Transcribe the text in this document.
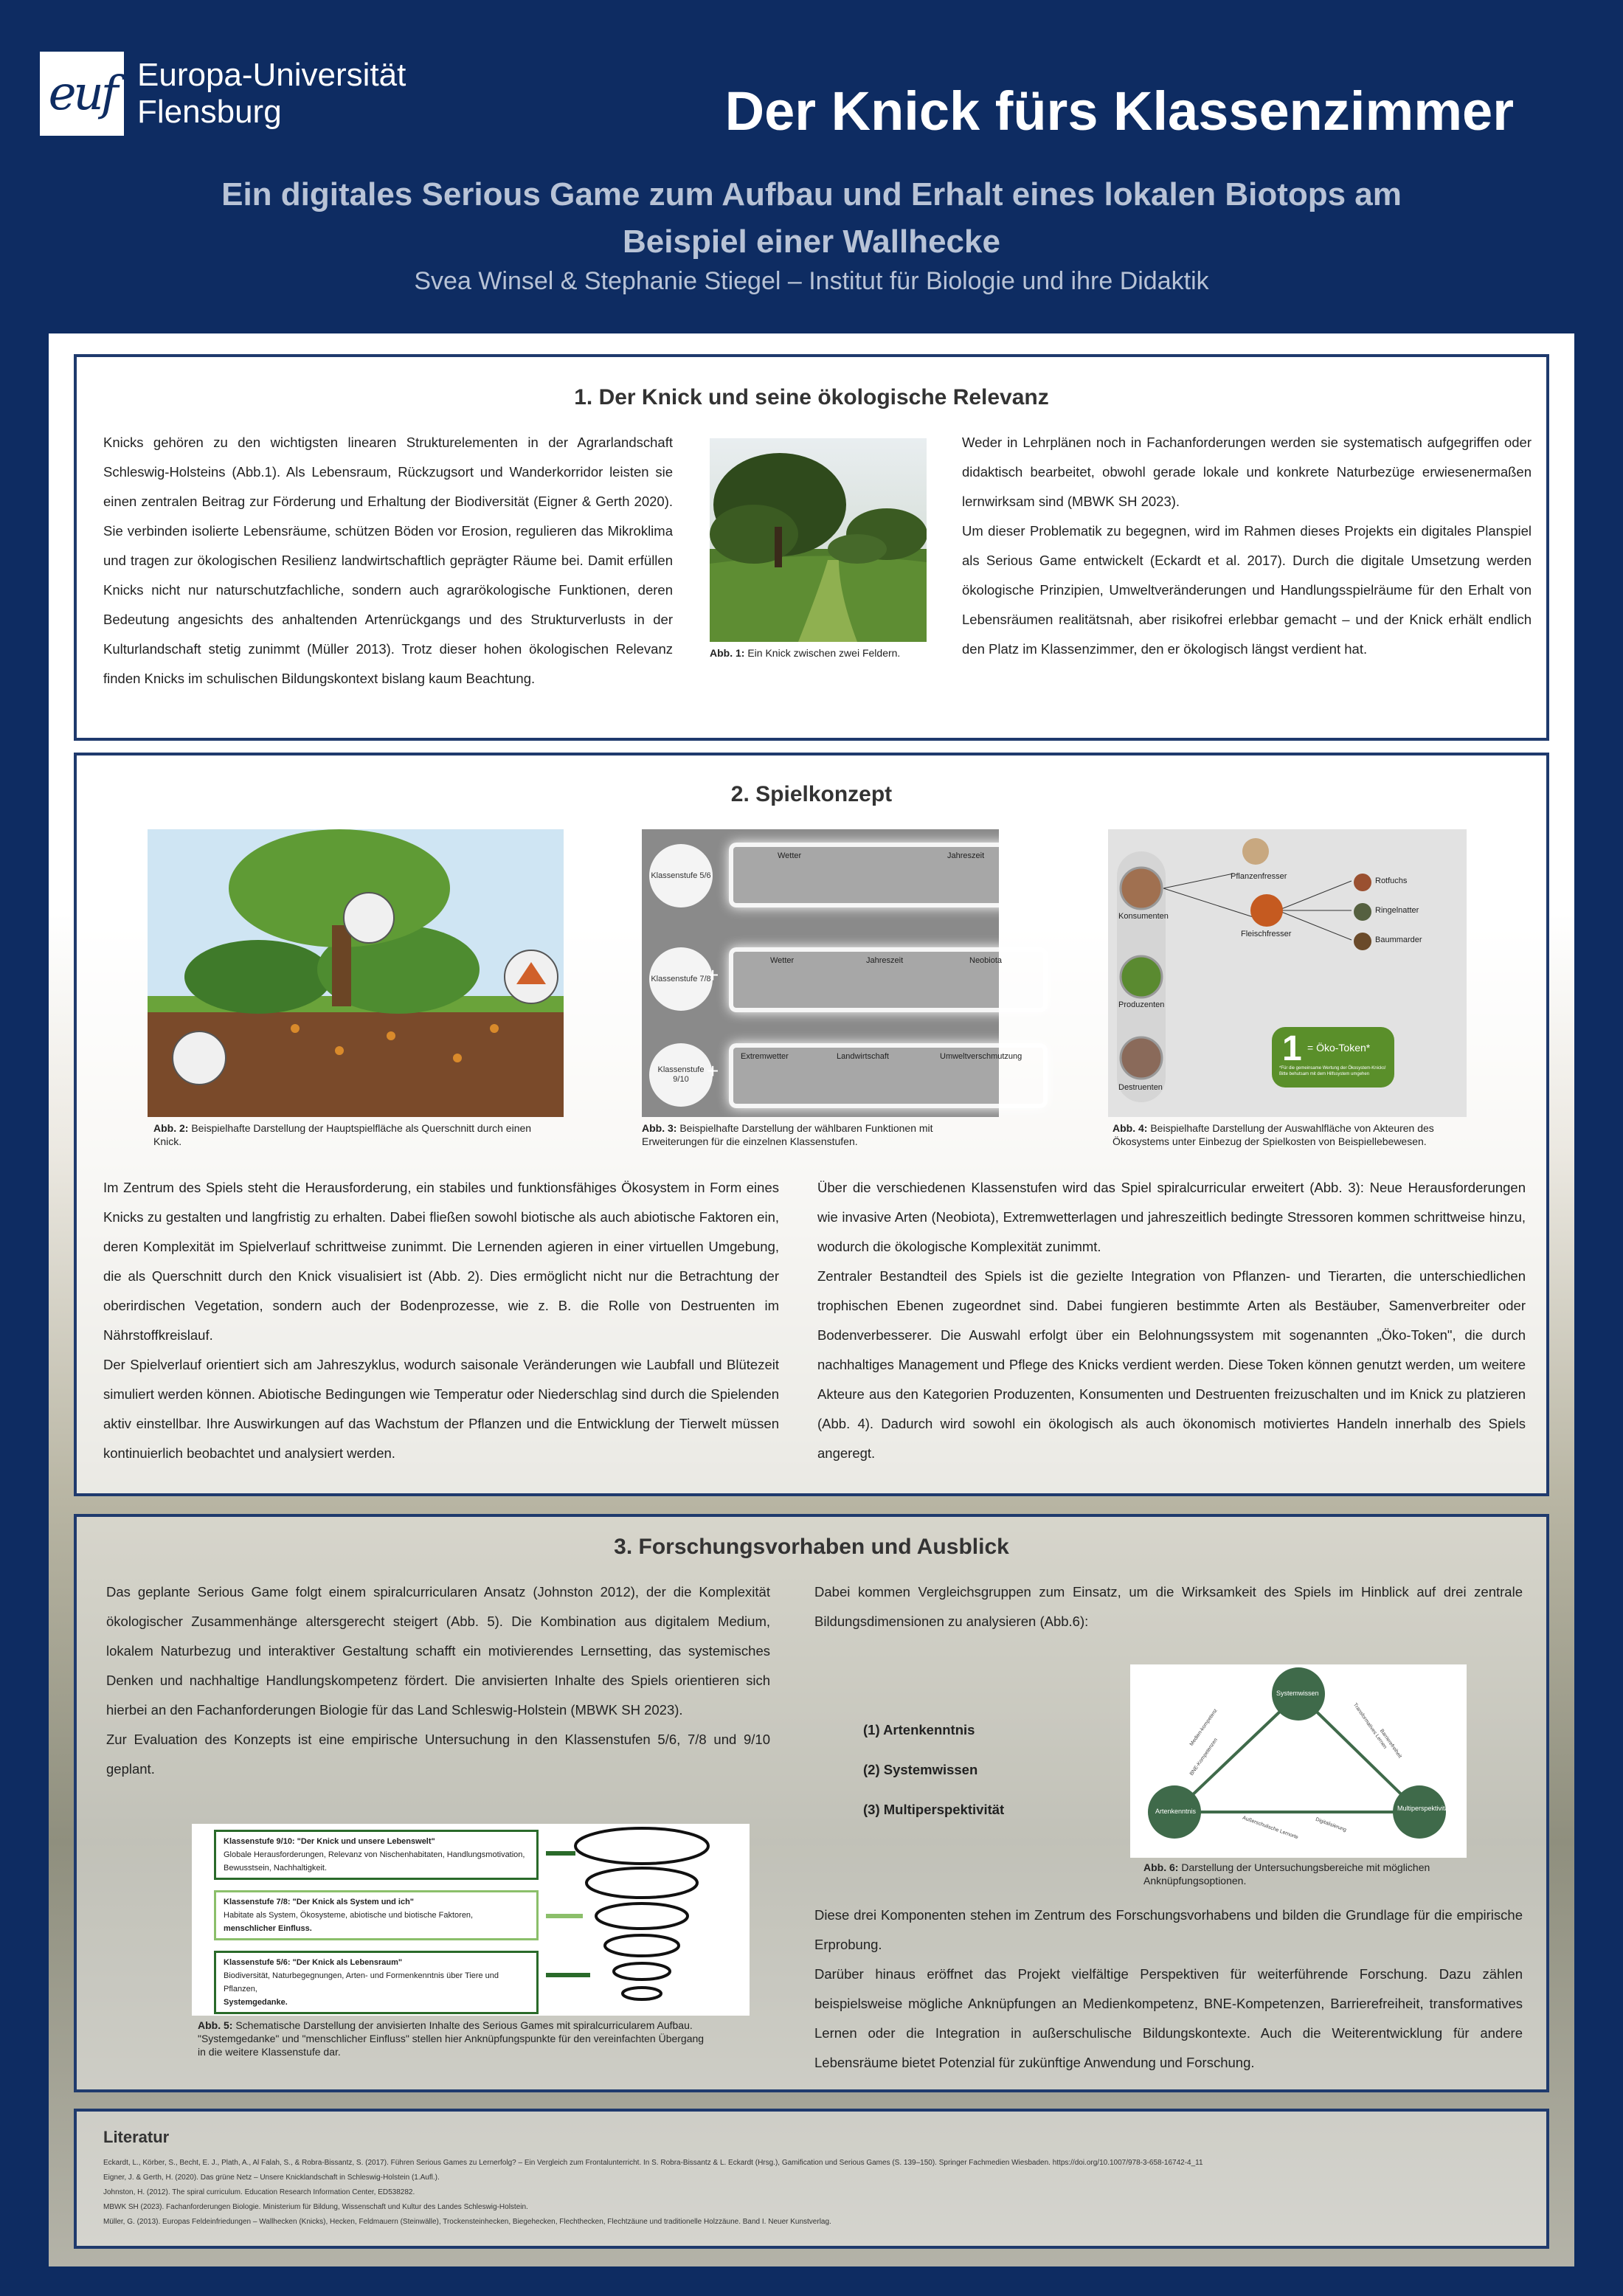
euf Europa-Universität
Flensburg	Der Knick fürs Klassenzimmer
Ein digitales Serious Game zum Aufbau und Erhalt eines lokalen Biotops am
Beispiel einer Wallhecke
Svea Winsel & Stephanie Stiegel – Institut für Biologie und ihre Didaktik
1. Der Knick und seine ökologische Relevanz

Knicks gehören zu den wichtigsten linearen Strukturelementen in der Agrarlandschaft Schleswig-Holsteins (Abb.1). Als Lebensraum, Rückzugsort und Wanderkorridor leisten sie einen zentralen Beitrag zur Förderung und Erhaltung der Biodiversität (Eigner & Gerth 2020). Sie verbinden isolierte Lebensräume, schützen Böden vor Erosion, regulieren das Mikroklima und tragen zur ökologischen Resilienz landwirtschaftlich geprägter Räume bei. Damit erfüllen Knicks nicht nur naturschutzfachliche, sondern auch agrarökologische Funktionen, deren Bedeutung angesichts des anhaltenden Artenrückgangs und des Strukturverlusts in der Kulturlandschaft stetig zunimmt (Müller 2013). Trotz dieser hohen ökologischen Relevanz finden Knicks im schulischen Bildungskontext bislang kaum Beachtung.

Abb. 1: Ein Knick zwischen zwei Feldern.

Weder in Lehrplänen noch in Fachanforderungen werden sie systematisch aufgegriffen oder didaktisch bearbeitet, obwohl gerade lokale und konkrete Naturbezüge erwiesenermaßen lernwirksam sind (MBWK SH 2023).

Um dieser Problematik zu begegnen, wird im Rahmen dieses Projekts ein digitales Planspiel als Serious Game entwickelt (Eckardt et al. 2017). Durch die digitale Umsetzung werden ökologische Prinzipien, Umweltveränderungen und Handlungsspielräume für den Erhalt von Lebensräumen realitätsnah, aber risikofrei erlebbar gemacht – und der Knick erhält endlich den Platz im Klassenzimmer, den er ökologisch längst verdient hat.

2. Spielkonzept
Abb. 2: Beispielhafte Darstellung der Hauptspielfläche als Querschnitt durch einen Knick.
Klassenstufe 5/6
Klassenstufe 7/8
Klassenstufe 9/10
Wetter	Jahreszeit
+
Wetter	Jahreszeit	Neobiota
+
Extremwetter	Landwirtschaft	Umweltverschmutzung
Abb. 3: Beispielhafte Darstellung der wählbaren Funktionen mit Erweiterungen für die einzelnen Klassenstufen.
Pflanzenfresser
Fleischfresser
Konsumenten
Produzenten
Destruenten
Rotfuchs
Ringelnatter
Baummarder
1 = Öko-Token*
*Für die gemeinsame Wertung der Ökosystem-Knicks! Bitte behutsam mit dem Hilfssystem umgehen
Abb. 4: Beispielhafte Darstellung der Auswahlfläche von Akteuren des Ökosystems unter Einbezug der Spielkosten von Beispiellebewesen.

Im Zentrum des Spiels steht die Herausforderung, ein stabiles und funktionsfähiges Ökosystem in Form eines Knicks zu gestalten und langfristig zu erhalten. Dabei fließen sowohl biotische als auch abiotische Faktoren ein, deren Komplexität im Spielverlauf schrittweise zunimmt. Die Lernenden agieren in einer virtuellen Umgebung, die als Querschnitt durch den Knick visualisiert ist (Abb. 2). Dies ermöglicht nicht nur die Betrachtung der oberirdischen Vegetation, sondern auch der Bodenprozesse, wie z. B. die Rolle von Destruenten im Nährstoffkreislauf.

Der Spielverlauf orientiert sich am Jahreszyklus, wodurch saisonale Veränderungen wie Laubfall und Blütezeit simuliert werden können. Abiotische Bedingungen wie Temperatur oder Niederschlag sind durch die Spielenden aktiv einstellbar. Ihre Auswirkungen auf das Wachstum der Pflanzen und die Entwicklung der Tierwelt müssen kontinuierlich beobachtet und analysiert werden.

Über die verschiedenen Klassenstufen wird das Spiel spiralcurricular erweitert (Abb. 3): Neue Herausforderungen wie invasive Arten (Neobiota), Extremwetterlagen und jahreszeitlich bedingte Stressoren kommen schrittweise hinzu, wodurch die ökologische Komplexität zunimmt.

Zentraler Bestandteil des Spiels ist die gezielte Integration von Pflanzen- und Tierarten, die unterschiedlichen trophischen Ebenen zugeordnet sind. Dabei fungieren bestimmte Arten als Bestäuber, Samenverbreiter oder Bodenverbesserer. Die Auswahl erfolgt über ein Belohnungssystem mit sogenannten „Öko-Token", die durch nachhaltiges Management und Pflege des Knicks verdient werden. Diese Token können genutzt werden, um weitere Akteure aus den Kategorien Produzenten, Konsumenten und Destruenten freizuschalten und im Knick zu platzieren (Abb. 4). Dadurch wird sowohl ein ökologisch als auch ökonomisch motiviertes Handeln innerhalb des Spiels angeregt.

3. Forschungsvorhaben und Ausblick

Das geplante Serious Game folgt einem spiralcurricularen Ansatz (Johnston 2012), der die Komplexität ökologischer Zusammenhänge altersgerecht steigert (Abb. 5). Die Kombination aus digitalem Medium, lokalem Naturbezug und interaktiver Gestaltung schafft ein motivierendes Lernsetting, das systemisches Denken und nachhaltige Handlungskompetenz fördert. Die anvisierten Inhalte des Spiels orientieren sich hierbei an den Fachanforderungen Biologie für das Land Schleswig-Holstein (MBWK SH 2023).

Zur Evaluation des Konzepts ist eine empirische Untersuchung in den Klassenstufen 5/6, 7/8 und 9/10 geplant.

Klassenstufe 9/10: "Der Knick und unsere Lebenswelt"
Globale Herausforderungen, Relevanz von Nischenhabitaten, Handlungsmotivation, Bewusstsein, Nachhaltigkeit.
Klassenstufe 7/8: "Der Knick als System und ich"
Habitate als System, Ökosysteme, abiotische und biotische Faktoren,
menschlicher Einfluss.
Klassenstufe 5/6: "Der Knick als Lebensraum"
Biodiversität, Naturbegegnungen, Arten- und Formenkenntnis über Tiere und Pflanzen,
Systemgedanke.
Abb. 5: Schematische Darstellung der anvisierten Inhalte des Serious Games mit spiralcurricularem Aufbau. "Systemgedanke" und "menschlicher Einfluss" stellen hier Anknüpfungspunkte für den vereinfachten Übergang in die weitere Klassenstufe dar.

Dabei kommen Vergleichsgruppen zum Einsatz, um die Wirksamkeit des Spiels im Hinblick auf drei zentrale Bildungsdimensionen zu analysieren (Abb.6):

(1) Artenkenntnis
(2) Systemwissen
(3) Multiperspektivität
Systemwissen
Artenkenntnis	Multiperspektivität
Medien-kompetenz
BNE-Kompetenzen
Transformatives Lernen
Barrierefreiheit
Außerschulische Lernorte	Digitalisierung
Abb. 6: Darstellung der Untersuchungsbereiche mit möglichen Anknüpfungsoptionen.

Diese drei Komponenten stehen im Zentrum des Forschungsvorhabens und bilden die Grundlage für die empirische Erprobung.

Darüber hinaus eröffnet das Projekt vielfältige Perspektiven für weiterführende Forschung. Dazu zählen beispielsweise mögliche Anknüpfungen an Medienkompetenz, BNE-Kompetenzen, Barrierefreiheit, transformatives Lernen oder die Integration in außerschulische Bildungskontexte. Auch die Weiterentwicklung für andere Lebensräume bietet Potenzial für zukünftige Anwendung und Forschung.

Literatur
Eckardt, L., Körber, S., Becht, E. J., Plath, A., Al Falah, S., & Robra-Bissantz, S. (2017). Führen Serious Games zu Lernerfolg? – Ein Vergleich zum Frontalunterricht. In S. Robra-Bissantz & L. Eckardt (Hrsg.), Gamification und Serious Games (S. 139–150). Springer Fachmedien Wiesbaden. https://doi.org/10.1007/978-3-658-16742-4_11
Eigner, J. & Gerth, H. (2020). Das grüne Netz – Unsere Knicklandschaft in Schleswig-Holstein (1.Aufl.).
Johnston, H. (2012). The spiral curriculum. Education Research Information Center, ED538282.
MBWK SH (2023). Fachanforderungen Biologie. Ministerium für Bildung, Wissenschaft und Kultur des Landes Schleswig-Holstein.
Müller, G. (2013). Europas Feldeinfriedungen – Wallhecken (Knicks), Hecken, Feldmauern (Steinwälle), Trockensteinhecken, Biegehecken, Flechthecken, Flechtzäune und traditionelle Holzzäune. Band I. Neuer Kunstverlag.
